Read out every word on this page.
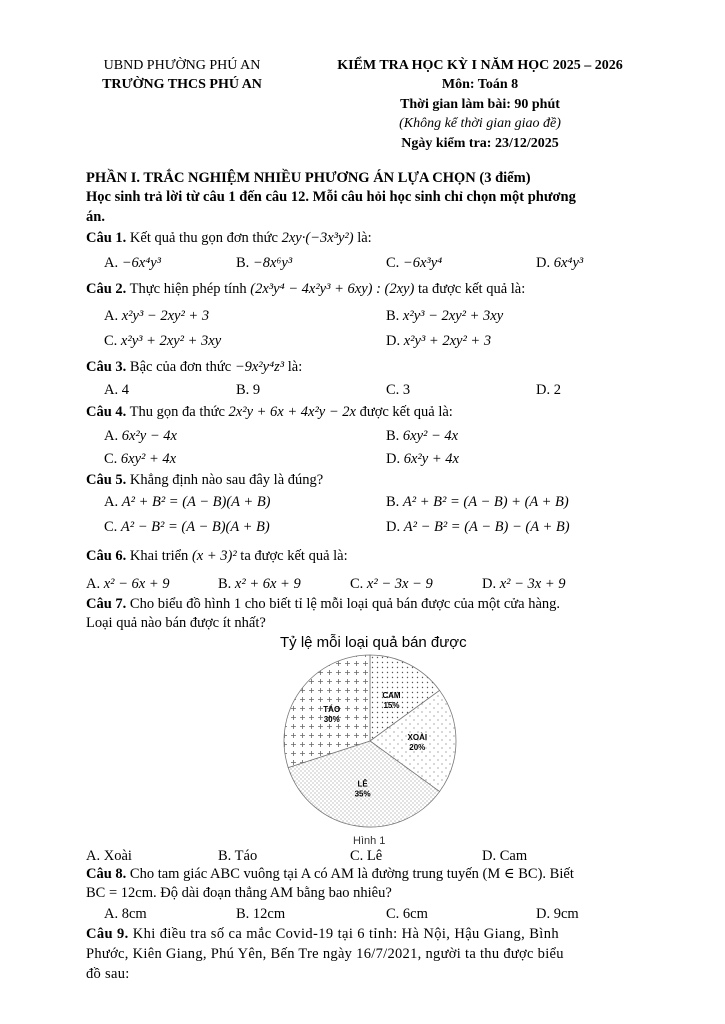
UBND PHƯỜNG PHÚ AN
TRƯỜNG THCS PHÚ AN
KIỂM TRA HỌC KỲ I NĂM HỌC 2025 – 2026
Môn: Toán 8
Thời gian làm bài: 90 phút
(Không kể thời gian giao đề)
Ngày kiểm tra: 23/12/2025
PHẦN I. TRẮC NGHIỆM NHIỀU PHƯƠNG ÁN LỰA CHỌN (3 điểm)
Học sinh trả lời từ câu 1 đến câu 12. Mỗi câu hỏi học sinh chỉ chọn một phương
án.
Câu 1. Kết quả thu gọn đơn thức 2xy·(−3x³y²) là:
A. −6x⁴y³	B. −8x⁶y³	C. −6x³y⁴	D. 6x⁴y³
Câu 2. Thực hiện phép tính (2x³y⁴ − 4x²y³ + 6xy) : (2xy) ta được kết quả là:
A. x²y³ − 2xy² + 3	B. x²y³ − 2xy² + 3xy
C. x²y³ + 2xy² + 3xy	D. x²y³ + 2xy² + 3
Câu 3. Bậc của đơn thức −9x²y⁴z³ là:
A. 4	B. 9	C. 3	D. 2
Câu 4. Thu gọn đa thức 2x²y + 6x + 4x²y − 2x được kết quả là:
A. 6x²y − 4x	B. 6xy² − 4x
C. 6xy² + 4x	D. 6x²y + 4x
Câu 5. Khẳng định nào sau đây là đúng?
A. A² + B² = (A − B)(A + B)	B. A² + B² = (A − B) + (A + B)
C. A² − B² = (A − B)(A + B)	D. A² − B² = (A − B) − (A + B)
Câu 6. Khai triển (x + 3)² ta được kết quả là:
A. x² − 6x + 9	B. x² + 6x + 9	C. x² − 3x − 9	D. x² − 3x + 9
Câu 7. Cho biểu đồ hình 1 cho biết tỉ lệ mỗi loại quả bán được của một cửa hàng.
Loại quả nào bán được ít nhất?
Tỷ lệ mỗi loại quả bán được
CAM
15%
XOÀI
20%
LÊ
35%
TÁO
30%
Hình 1
A. Xoài	B. Táo	C. Lê	D. Cam
Câu 8. Cho tam giác ABC vuông tại A có AM là đường trung tuyến (M ∈ BC). Biết
BC = 12cm. Độ dài đoạn thẳng AM bằng bao nhiêu?
A. 8cm	B. 12cm	C. 6cm	D. 9cm
Câu 9. Khi điều tra số ca mắc Covid-19 tại 6 tỉnh: Hà Nội, Hậu Giang, Bình
Phước, Kiên Giang, Phú Yên, Bến Tre ngày 16/7/2021, người ta thu được biểu
đồ sau:
